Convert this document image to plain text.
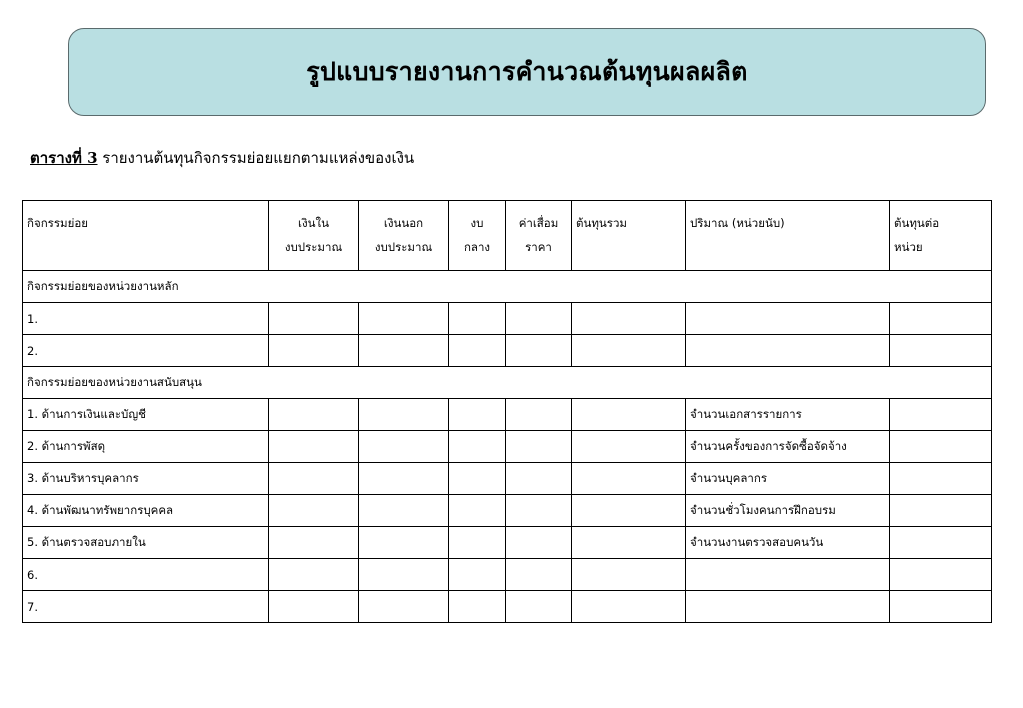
รูปแบบรายงานการคำนวณต้นทุนผลผลิต
ตารางที่ 3 รายงานต้นทุนกิจกรรมย่อยแยกตามแหล่งของเงิน
กิจกรรมย่อย	เงินใน	เงินนอก	งบ	ค่าเสื่อม	ต้นทุนรวม	ปริมาณ (หน่วยนับ)	ต้นทุนต่อ
	งบประมาณ	งบประมาณ	กลาง	ราคา			หน่วย
กิจกรรมย่อยของหน่วยงานหลัก							
1.							
2.							
กิจกรรมย่อยของหน่วยงานสนับสนุน							
1. ด้านการเงินและบัญชี						จำนวนเอกสารรายการ	
2. ด้านการพัสดุ						จำนวนครั้งของการจัดซื้อจัดจ้าง	
3. ด้านบริหารบุคลากร						จำนวนบุคลากร	
4. ด้านพัฒนาทรัพยากรบุคคล						จำนวนชั่วโมงคนการฝึกอบรม	
5. ด้านตรวจสอบภายใน						จำนวนงานตรวจสอบคนวัน	
6.							
7.							
